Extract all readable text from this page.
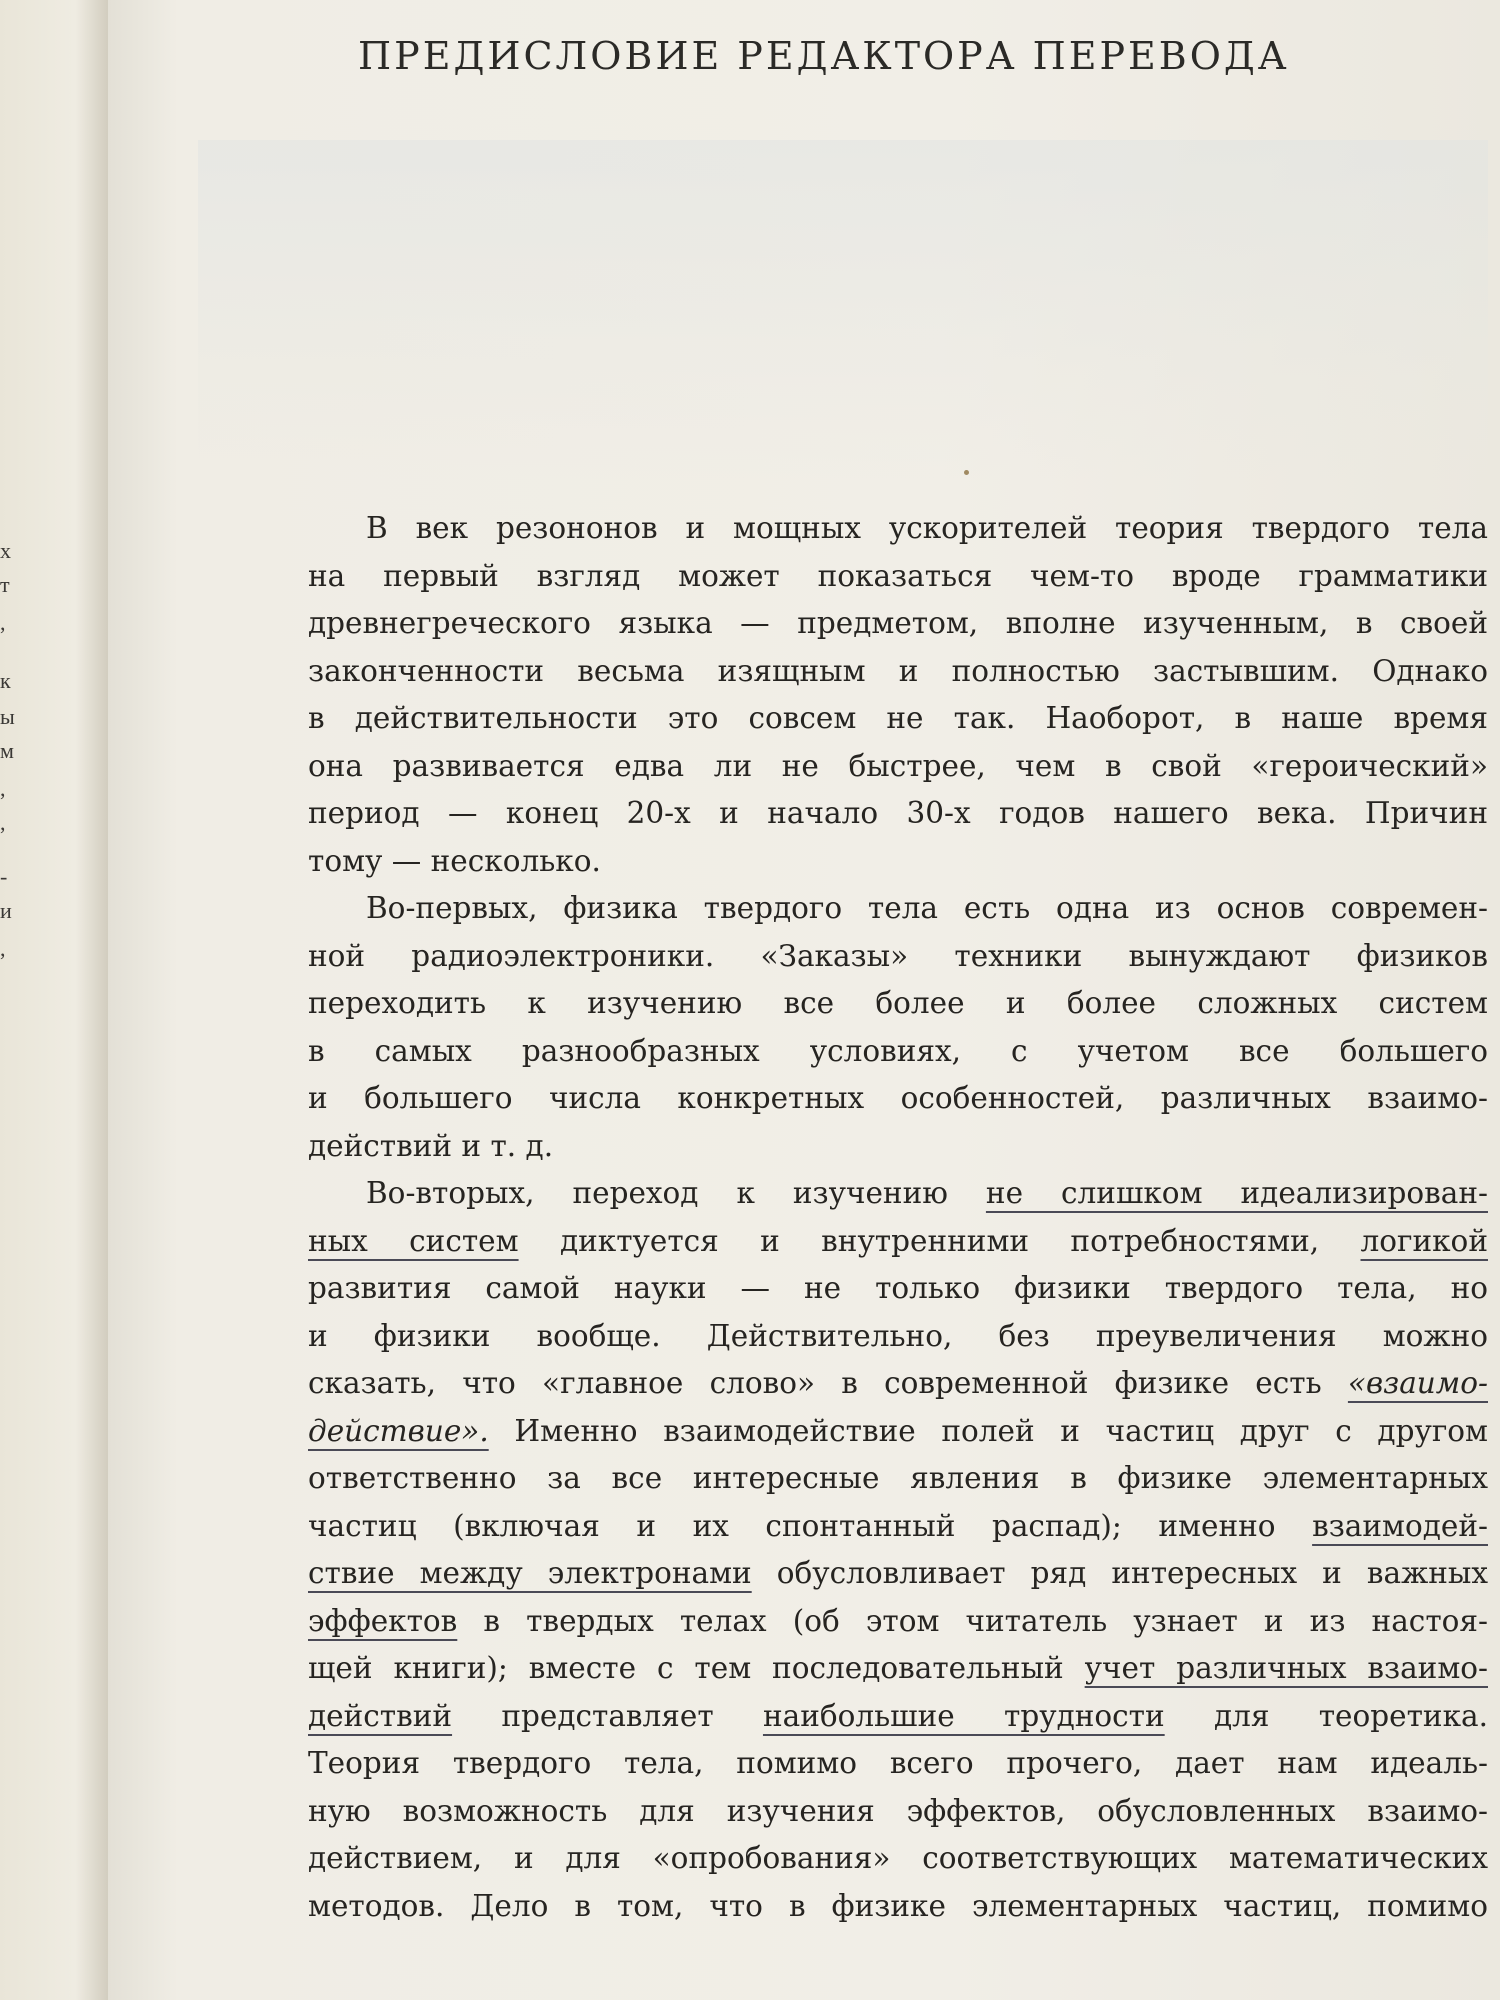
х
т
,
к
ы
м
,
,
-
и
,
ПРЕДИСЛОВИЕ РЕДАКТОРА ПЕРЕВОДА
В век резононов и мощных ускорителей теория твердого тела
на первый взгляд может показаться чем-то вроде грамматики
древнегреческого языка — предметом, вполне изученным, в своей
законченности весьма изящным и полностью застывшим. Однако
в действительности это совсем не так. Наоборот, в наше время
она развивается едва ли не быстрее, чем в свой «героический»
период — конец 20-х и начало 30-х годов нашего века. Причин
тому — несколько.
Во-первых, физика твердого тела есть одна из основ современ-
ной радиоэлектроники. «Заказы» техники вынуждают физиков
переходить к изучению все более и более сложных систем
в самых разнообразных условиях, с учетом все большего
и большего числа конкретных особенностей, различных взаимо-
действий и т. д.
Во-вторых, переход к изучению не слишком идеализирован-
ных систем диктуется и внутренними потребностями, логикой
развития самой науки — не только физики твердого тела, но
и физики вообще. Действительно, без преувеличения можно
сказать, что «главное слово» в современной физике есть «взаимо-
действие». Именно взаимодействие полей и частиц друг с другом
ответственно за все интересные явления в физике элементарных
частиц (включая и их спонтанный распад); именно взаимодей-
ствие между электронами обусловливает ряд интересных и важных
эффектов в твердых телах (об этом читатель узнает и из настоя-
щей книги); вместе с тем последовательный учет различных взаимо-
действий представляет наибольшие трудности для теоретика.
Теория твердого тела, помимо всего прочего, дает нам идеаль-
ную возможность для изучения эффектов, обусловленных взаимо-
действием, и для «опробования» соответствующих математических
методов. Дело в том, что в физике элементарных частиц, помимо
